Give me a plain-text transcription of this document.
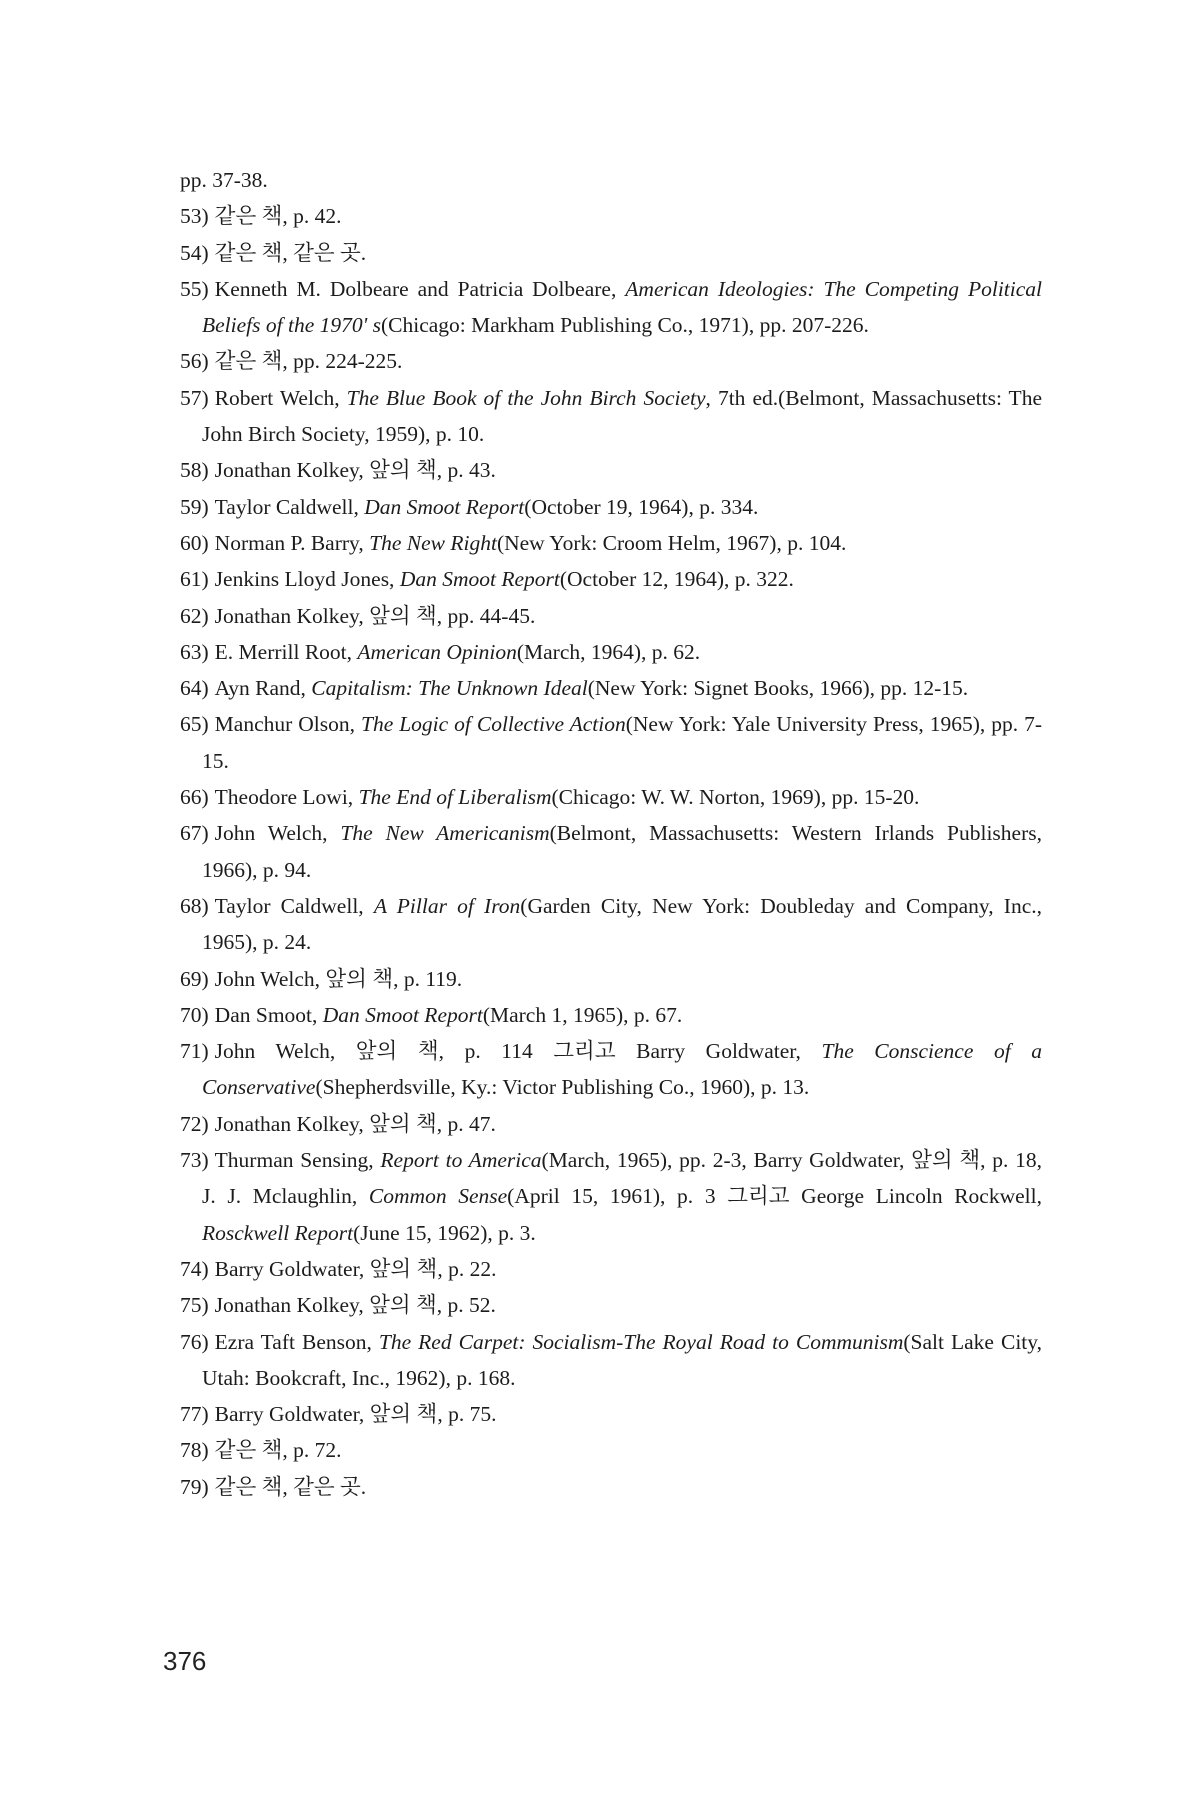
pp. 37-38.
53) 같은 책, p. 42.
54) 같은 책, 같은 곳.
55) Kenneth M. Dolbeare and Patricia Dolbeare, American Ideologies: The Competing Political Beliefs of the 1970' s(Chicago: Markham Publishing Co., 1971), pp. 207-226.
56) 같은 책, pp. 224-225.
57) Robert Welch, The Blue Book of the John Birch Society, 7th ed.(Belmont, Massachusetts: The John Birch Society, 1959), p. 10.
58) Jonathan Kolkey, 앞의 책, p. 43.
59) Taylor Caldwell, Dan Smoot Report(October 19, 1964), p. 334.
60) Norman P. Barry, The New Right(New York: Croom Helm, 1967), p. 104.
61) Jenkins Lloyd Jones, Dan Smoot Report(October 12, 1964), p. 322.
62) Jonathan Kolkey, 앞의 책, pp. 44-45.
63) E. Merrill Root, American Opinion(March, 1964), p. 62.
64) Ayn Rand, Capitalism: The Unknown Ideal(New York: Signet Books, 1966), pp. 12-15.
65) Manchur Olson, The Logic of Collective Action(New York: Yale University Press, 1965), pp. 7-15.
66) Theodore Lowi, The End of Liberalism(Chicago: W. W. Norton, 1969), pp. 15-20.
67) John Welch, The New Americanism(Belmont, Massachusetts: Western Irlands Publishers, 1966), p. 94.
68) Taylor Caldwell, A Pillar of Iron(Garden City, New York: Doubleday and Company, Inc., 1965), p. 24.
69) John Welch, 앞의 책, p. 119.
70) Dan Smoot, Dan Smoot Report(March 1, 1965), p. 67.
71) John Welch, 앞의 책, p. 114 그리고 Barry Goldwater, The Conscience of a Conservative(Shepherdsville, Ky.: Victor Publishing Co., 1960), p. 13.
72) Jonathan Kolkey, 앞의 책, p. 47.
73) Thurman Sensing, Report to America(March, 1965), pp. 2-3, Barry Goldwater, 앞의 책, p. 18, J. J. Mclaughlin, Common Sense(April 15, 1961), p. 3 그리고 George Lincoln Rockwell, Rosckwell Report(June 15, 1962), p. 3.
74) Barry Goldwater, 앞의 책, p. 22.
75) Jonathan Kolkey, 앞의 책, p. 52.
76) Ezra Taft Benson, The Red Carpet: Socialism-The Royal Road to Communism(Salt Lake City, Utah: Bookcraft, Inc., 1962), p. 168.
77) Barry Goldwater, 앞의 책, p. 75.
78) 같은 책, p. 72.
79) 같은 책, 같은 곳.
376
